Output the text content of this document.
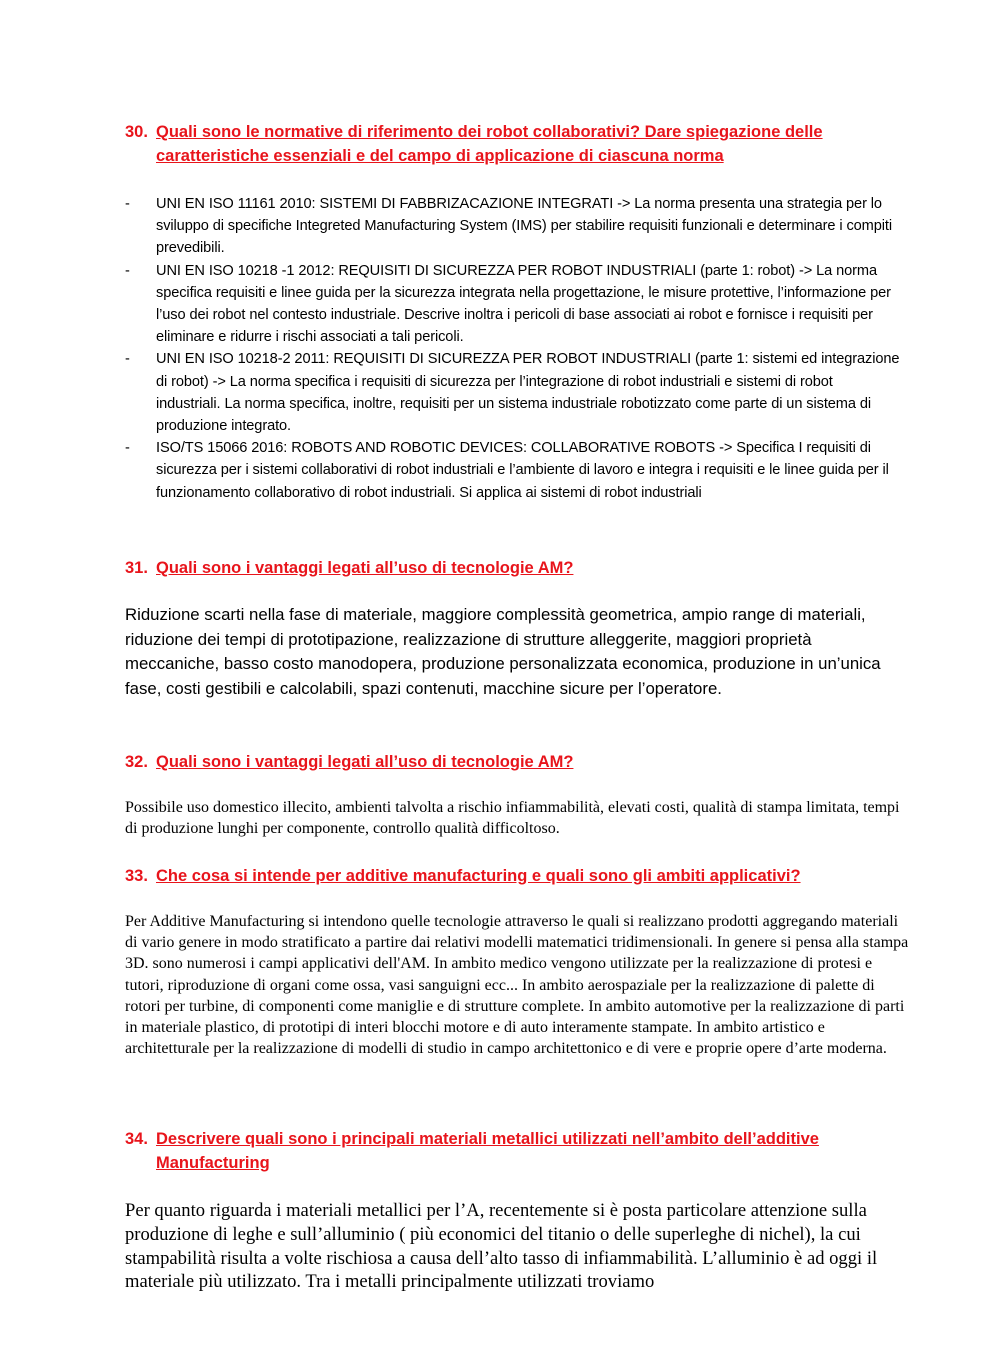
30. Quali sono le normative di riferimento dei robot collaborativi? Dare spiegazione delle caratteristiche essenziali e del campo di applicazione di ciascuna norma
- UNI EN ISO 11161 2010: SISTEMI DI FABBRIZACAZIONE INTEGRATI -> La norma presenta una strategia per lo sviluppo di specifiche Integreted Manufacturing System (IMS) per stabilire requisiti funzionali e determinare i compiti prevedibili.
- UNI EN ISO 10218 -1 2012: REQUISITI DI SICUREZZA PER ROBOT INDUSTRIALI (parte 1: robot) -> La norma specifica requisiti e linee guida per la sicurezza integrata nella progettazione, le misure protettive, l’informazione per l’uso dei robot nel contesto industriale. Descrive inoltra i pericoli di base associati ai robot e fornisce i requisiti per eliminare e ridurre i rischi associati a tali pericoli.
- UNI EN ISO 10218-2 2011: REQUISITI DI SICUREZZA PER ROBOT INDUSTRIALI (parte 1: sistemi ed integrazione di robot) -> La norma specifica i requisiti di sicurezza per l’integrazione di robot industriali e sistemi di robot industriali. La norma specifica, inoltre, requisiti per un sistema industriale robotizzato come parte di un sistema di produzione integrato.
- ISO/TS 15066 2016: ROBOTS AND ROBOTIC DEVICES: COLLABORATIVE ROBOTS -> Specifica I requisiti di sicurezza per i sistemi collaborativi di robot industriali e l’ambiente di lavoro e integra i requisiti e le linee guida per il funzionamento collaborativo di robot industriali. Si applica ai sistemi di robot industriali
31. Quali sono i vantaggi legati all’uso di tecnologie AM?
Riduzione scarti nella fase di materiale, maggiore complessità geometrica, ampio range di materiali, riduzione dei tempi di prototipazione, realizzazione di strutture alleggerite, maggiori proprietà meccaniche, basso costo manodopera, produzione personalizzata economica, produzione in un’unica fase, costi gestibili e calcolabili, spazi contenuti, macchine sicure per l’operatore.
32. Quali sono i vantaggi legati all’uso di tecnologie AM?
Possibile uso domestico illecito, ambienti talvolta a rischio infiammabilità, elevati costi, qualità di stampa limitata, tempi di produzione lunghi per componente, controllo qualità difficoltoso.
33. Che cosa si intende per additive manufacturing e quali sono gli ambiti applicativi?
Per Additive Manufacturing si intendono quelle tecnologie attraverso le quali si realizzano prodotti aggregando materiali di vario genere in modo stratificato a partire dai relativi modelli matematici tridimensionali. In genere si pensa alla stampa 3D. sono numerosi i campi applicativi dell'AM. In ambito medico vengono utilizzate per la realizzazione di protesi e tutori, riproduzione di organi come ossa, vasi sanguigni ecc... In ambito aerospaziale per la realizzazione di palette di rotori per turbine, di componenti come maniglie e di strutture complete. In ambito automotive per la realizzazione di parti in materiale plastico, di prototipi di interi blocchi motore e di auto interamente stampate. In ambito artistico e architetturale per la realizzazione di modelli di studio in campo architettonico e di vere e proprie opere d’arte moderna.
34. Descrivere quali sono i principali materiali metallici utilizzati nell’ambito dell’additive Manufacturing
Per quanto riguarda i materiali metallici per l’A, recentemente si è posta particolare attenzione sulla produzione di leghe e sull’alluminio ( più economici del titanio o delle superleghe di nichel), la cui stampabilità risulta a volte rischiosa a causa dell’alto tasso di infiammabilità. L’alluminio è ad oggi il materiale più utilizzato. Tra i metalli principalmente utilizzati troviamo
